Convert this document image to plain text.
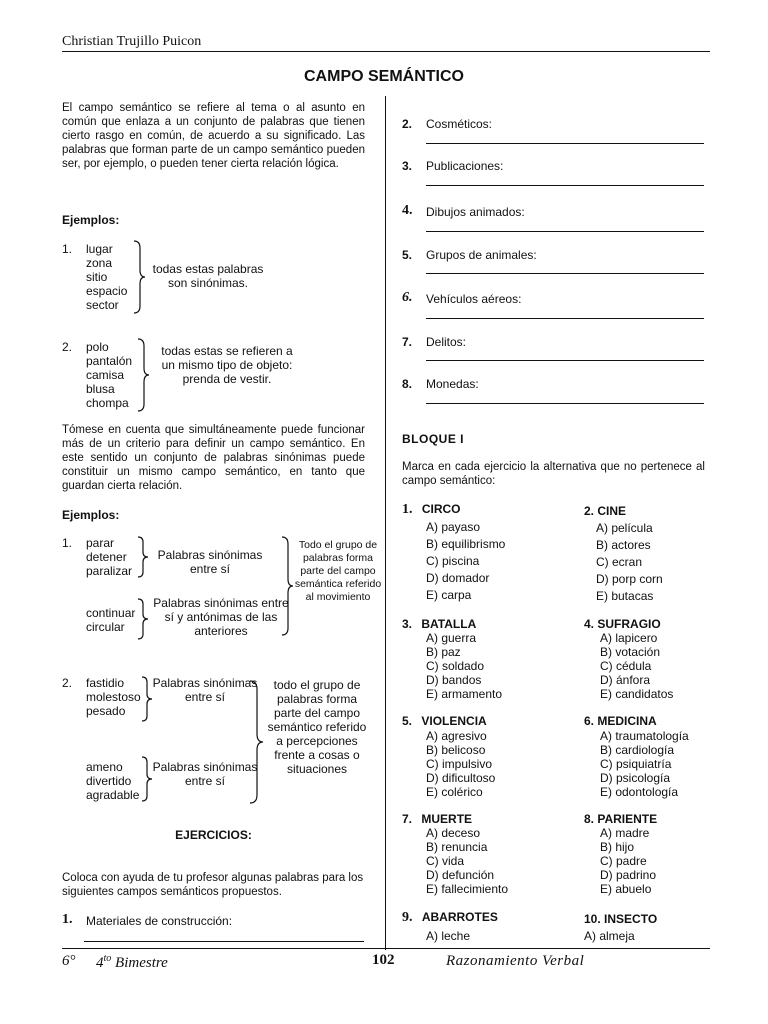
Christian Trujillo Puicon
CAMPO SEMÁNTICO
El campo semántico se refiere al tema o al asunto en común que enlaza a un conjunto de palabras que tienen cierto rasgo en común, de acuerdo a su significado. Las palabras que forman parte de un campo semántico pueden ser, por ejemplo, o pueden tener cierta relación lógica.
Ejemplos:
1. lugar
zona
sitio
espacio
sector
todas estas palabras
son sinónimas.
2. polo
pantalón
camisa
blusa
chompa
todas estas se refieren a
un mismo tipo de objeto:
prenda de vestir.
Tómese en cuenta que simultáneamente puede funcionar más de un criterio para definir un campo semántico. En este sentido un conjunto de palabras sinónimas puede constituir un mismo campo semántico, en tanto que guardan cierta relación.
Ejemplos:
1. parar
detener
paralizar
Palabras sinónimas
entre sí
continuar
circular
Palabras sinónimas entre
sí y antónimas de las
anteriores
Todo el grupo de
palabras forma
parte del campo
semántica referido
al movimiento
2. fastidio
molestoso
pesado
Palabras sinónimas
entre sí
ameno
divertido
agradable
Palabras sinónimas
entre sí
todo el grupo de
palabras forma
parte del campo
semántico referido
a percepciones
frente a cosas o
situaciones
EJERCICIOS:
Coloca con ayuda de tu profesor algunas palabras para los siguientes campos semánticos propuestos.
1. Materiales de construcción:
2. Cosméticos:
3. Publicaciones:
4. Dibujos animados:
5. Grupos de animales:
6. Vehículos aéreos:
7. Delitos:
8. Monedas:
BLOQUE I
Marca en cada ejercicio la alternativa que no pertenece al campo semántico:
1. CIRCO
A) payaso
B) equilibrismo
C) piscina
D) domador
E) carpa
2. CINE
A) película
B) actores
C) ecran
D) porp corn
E) butacas
3. BATALLA
A) guerra
B) paz
C) soldado
D) bandos
E) armamento
4. SUFRAGIO
A) lapicero
B) votación
C) cédula
D) ánfora
E) candidatos
5. VIOLENCIA
A) agresivo
B) belicoso
C) impulsivo
D) dificultoso
E) colérico
6. MEDICINA
A) traumatología
B) cardiología
C) psiquiatría
D) psicología
E) odontología
7. MUERTE
A) deceso
B) renuncia
C) vida
D) defunción
E) fallecimiento
8. PARIENTE
A) madre
B) hijo
C) padre
D) padrino
E) abuelo
9. ABARROTES
A) leche
10. INSECTO
A) almeja
6° $4^{to}$ Bimestre	102	Razonamiento Verbal
